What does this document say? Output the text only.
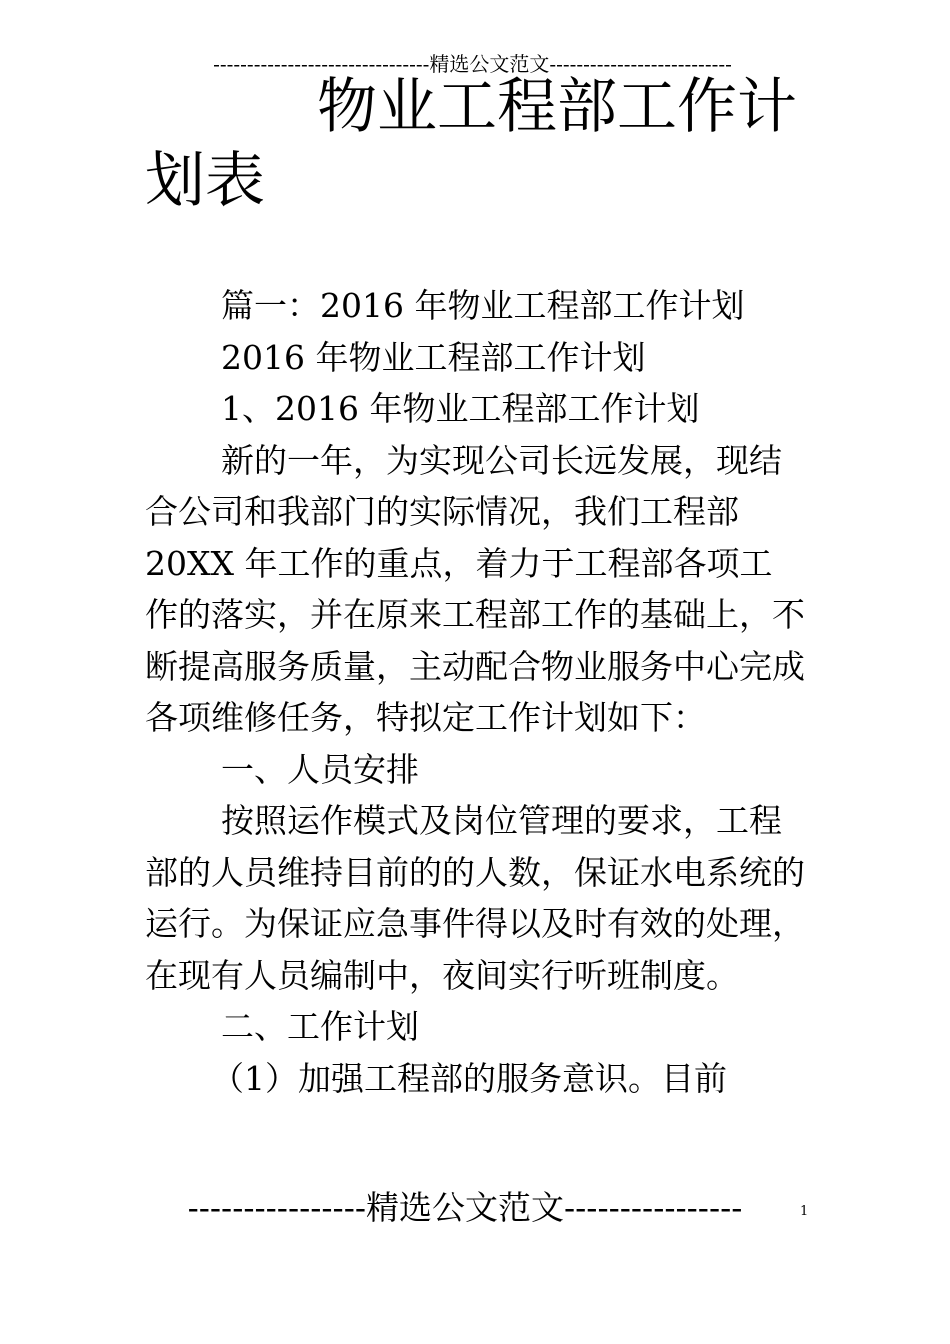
--------------------------------精选公文范文---------------------------
物业工程部工作计
划表

篇一：2016 年物业工程部工作计划

2016 年物业工程部工作计划

1、2016 年物业工程部工作计划

新的一年，为实现公司长远发展，现结合公司和我部门的实际情况，我们工程部 20XX 年工作的重点，着力于工程部各项工作的落实，并在原来工程部工作的基础上，不断提高服务质量，主动配合物业服务中心完成各项维修任务，特拟定工作计划如下：

一、人员安排

按照运作模式及岗位管理的要求，工程部的人员维持目前的的人数，保证水电系统的运行。为保证应急事件得以及时有效的处理，在现有人员编制中，夜间实行听班制度。

二、工作计划

（1）加强工程部的服务意识。目前

----------------精选公文范文----------------	1
